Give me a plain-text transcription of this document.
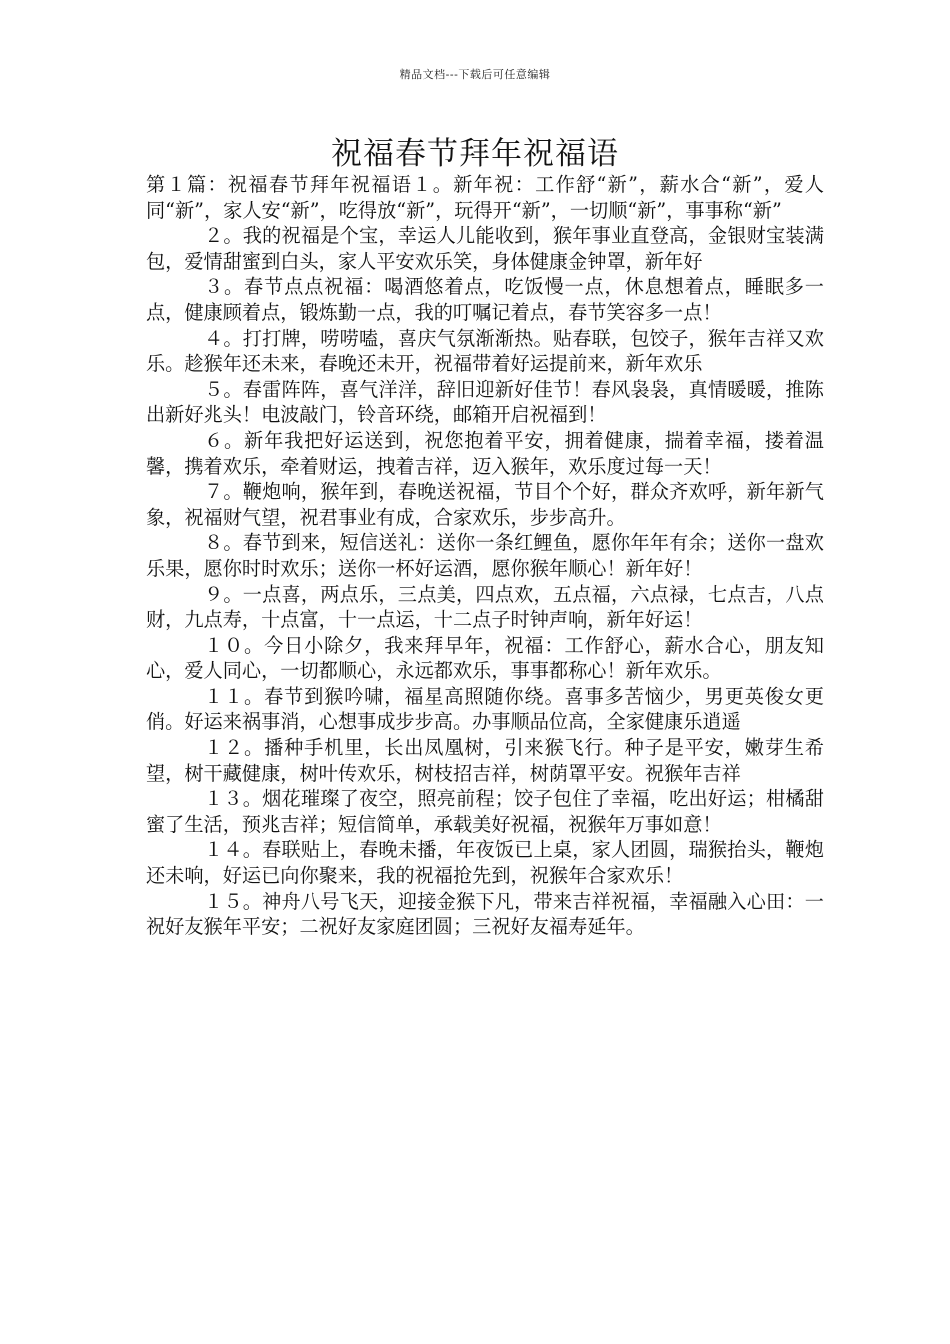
精品文档---下载后可任意编辑
祝福春节拜年祝福语

第１篇：祝福春节拜年祝福语１。新年祝：工作舒“新”，薪水合“新”，爱人同“新”，家人安“新”，吃得放“新”，玩得开“新”，一切顺“新”，事事称“新”

２。我的祝福是个宝，幸运人儿能收到，猴年事业直登高，金银财宝装满包，爱情甜蜜到白头，家人平安欢乐笑，身体健康金钟罩，新年好

３。春节点点祝福：喝酒悠着点，吃饭慢一点，休息想着点，睡眠多一点，健康顾着点，锻炼勤一点，我的叮嘱记着点，春节笑容多一点！

４。打打牌，唠唠嗑，喜庆气氛渐渐热。贴春联，包饺子，猴年吉祥又欢乐。趁猴年还未来，春晚还未开，祝福带着好运提前来，新年欢乐

５。春雷阵阵，喜气洋洋，辞旧迎新好佳节！春风袅袅，真情暖暖，推陈出新好兆头！电波敲门，铃音环绕，邮箱开启祝福到！

６。新年我把好运送到，祝您抱着平安，拥着健康，揣着幸福，搂着温馨，携着欢乐，牵着财运，拽着吉祥，迈入猴年，欢乐度过每一天！

７。鞭炮响，猴年到，春晚送祝福，节目个个好，群众齐欢呼，新年新气象，祝福财气望，祝君事业有成，合家欢乐，步步高升。

８。春节到来，短信送礼：送你一条红鲤鱼，愿你年年有余；送你一盘欢乐果，愿你时时欢乐；送你一杯好运酒，愿你猴年顺心！新年好！

９。一点喜，两点乐，三点美，四点欢，五点福，六点禄，七点吉，八点财，九点寿，十点富，十一点运，十二点子时钟声响，新年好运！

１０。今日小除夕，我来拜早年，祝福：工作舒心，薪水合心，朋友知心，爱人同心，一切都顺心，永远都欢乐，事事都称心！新年欢乐。

１１。春节到猴吟啸，福星高照随你绕。喜事多苦恼少，男更英俊女更俏。好运来祸事消，心想事成步步高。办事顺品位高，全家健康乐逍遥

１２。播种手机里，长出凤凰树，引来猴飞行。种子是平安，嫩芽生希望，树干藏健康，树叶传欢乐，树枝招吉祥，树荫罩平安。祝猴年吉祥

１３。烟花璀璨了夜空，照亮前程；饺子包住了幸福，吃出好运；柑橘甜蜜了生活，预兆吉祥；短信简单，承载美好祝福，祝猴年万事如意！

１４。春联贴上，春晚未播，年夜饭已上桌，家人团圆，瑞猴抬头，鞭炮还未响，好运已向你聚来，我的祝福抢先到，祝猴年合家欢乐！

１５。神舟八号飞天，迎接金猴下凡，带来吉祥祝福，幸福融入心田：一祝好友猴年平安；二祝好友家庭团圆；三祝好友福寿延年。
